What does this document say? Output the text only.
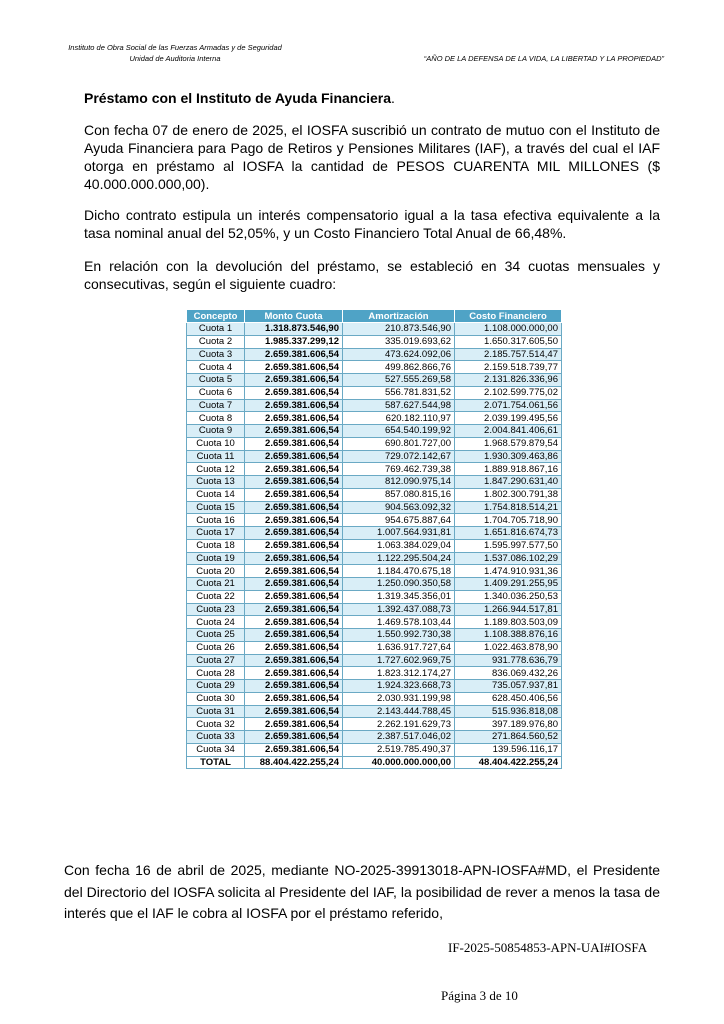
Instituto de Obra Social de las Fuerzas Armadas y de Seguridad
Unidad de Auditoria Interna	“AÑO DE LA DEFENSA DE LA VIDA, LA LIBERTAD Y LA PROPIEDAD”
Préstamo con el Instituto de Ayuda Financiera.
Con fecha 07 de enero de 2025, el IOSFA suscribió un contrato de mutuo con el Instituto de Ayuda Financiera para Pago de Retiros y Pensiones Militares (IAF), a través del cual el IAF otorga en préstamo al IOSFA la cantidad de PESOS CUARENTA MIL MILLONES ($ 40.000.000.000,00).
Dicho contrato estipula un interés compensatorio igual a la tasa efectiva equivalente a la tasa nominal anual del 52,05%, y un Costo Financiero Total Anual de 66,48%.
En relación con la devolución del préstamo, se estableció en 34 cuotas mensuales y consecutivas, según el siguiente cuadro:
Concepto	Monto Cuota	Amortización	Costo Financiero
Cuota 1	1.318.873.546,90	210.873.546,90	1.108.000.000,00
Cuota 2	1.985.337.299,12	335.019.693,62	1.650.317.605,50
Cuota 3	2.659.381.606,54	473.624.092,06	2.185.757.514,47
Cuota 4	2.659.381.606,54	499.862.866,76	2.159.518.739,77
Cuota 5	2.659.381.606,54	527.555.269,58	2.131.826.336,96
Cuota 6	2.659.381.606,54	556.781.831,52	2.102.599.775,02
Cuota 7	2.659.381.606,54	587.627.544,98	2.071.754.061,56
Cuota 8	2.659.381.606,54	620.182.110,97	2.039.199.495,56
Cuota 9	2.659.381.606,54	654.540.199,92	2.004.841.406,61
Cuota 10	2.659.381.606,54	690.801.727,00	1.968.579.879,54
Cuota 11	2.659.381.606,54	729.072.142,67	1.930.309.463,86
Cuota 12	2.659.381.606,54	769.462.739,38	1.889.918.867,16
Cuota 13	2.659.381.606,54	812.090.975,14	1.847.290.631,40
Cuota 14	2.659.381.606,54	857.080.815,16	1.802.300.791,38
Cuota 15	2.659.381.606,54	904.563.092,32	1.754.818.514,21
Cuota 16	2.659.381.606,54	954.675.887,64	1.704.705.718,90
Cuota 17	2.659.381.606,54	1.007.564.931,81	1.651.816.674,73
Cuota 18	2.659.381.606,54	1.063.384.029,04	1.595.997.577,50
Cuota 19	2.659.381.606,54	1.122.295.504,24	1.537.086.102,29
Cuota 20	2.659.381.606,54	1.184.470.675,18	1.474.910.931,36
Cuota 21	2.659.381.606,54	1.250.090.350,58	1.409.291.255,95
Cuota 22	2.659.381.606,54	1.319.345.356,01	1.340.036.250,53
Cuota 23	2.659.381.606,54	1.392.437.088,73	1.266.944.517,81
Cuota 24	2.659.381.606,54	1.469.578.103,44	1.189.803.503,09
Cuota 25	2.659.381.606,54	1.550.992.730,38	1.108.388.876,16
Cuota 26	2.659.381.606,54	1.636.917.727,64	1.022.463.878,90
Cuota 27	2.659.381.606,54	1.727.602.969,75	931.778.636,79
Cuota 28	2.659.381.606,54	1.823.312.174,27	836.069.432,26
Cuota 29	2.659.381.606,54	1.924.323.668,73	735.057.937,81
Cuota 30	2.659.381.606,54	2.030.931.199,98	628.450.406,56
Cuota 31	2.659.381.606,54	2.143.444.788,45	515.936.818,08
Cuota 32	2.659.381.606,54	2.262.191.629,73	397.189.976,80
Cuota 33	2.659.381.606,54	2.387.517.046,02	271.864.560,52
Cuota 34	2.659.381.606,54	2.519.785.490,37	139.596.116,17
TOTAL	88.404.422.255,24	40.000.000.000,00	48.404.422.255,24
IF-2025-50854853-APN-UAI#IOSFA
Con fecha 16 de abril de 2025, mediante NO-2025-39913018-APN-IOSFA#MD, el Presidente del Directorio del IOSFA solicita al Presidente del IAF, la posibilidad de rever a menos la tasa de interés que el IAF le cobra al IOSFA por el préstamo referido,
Página 3 de 10
